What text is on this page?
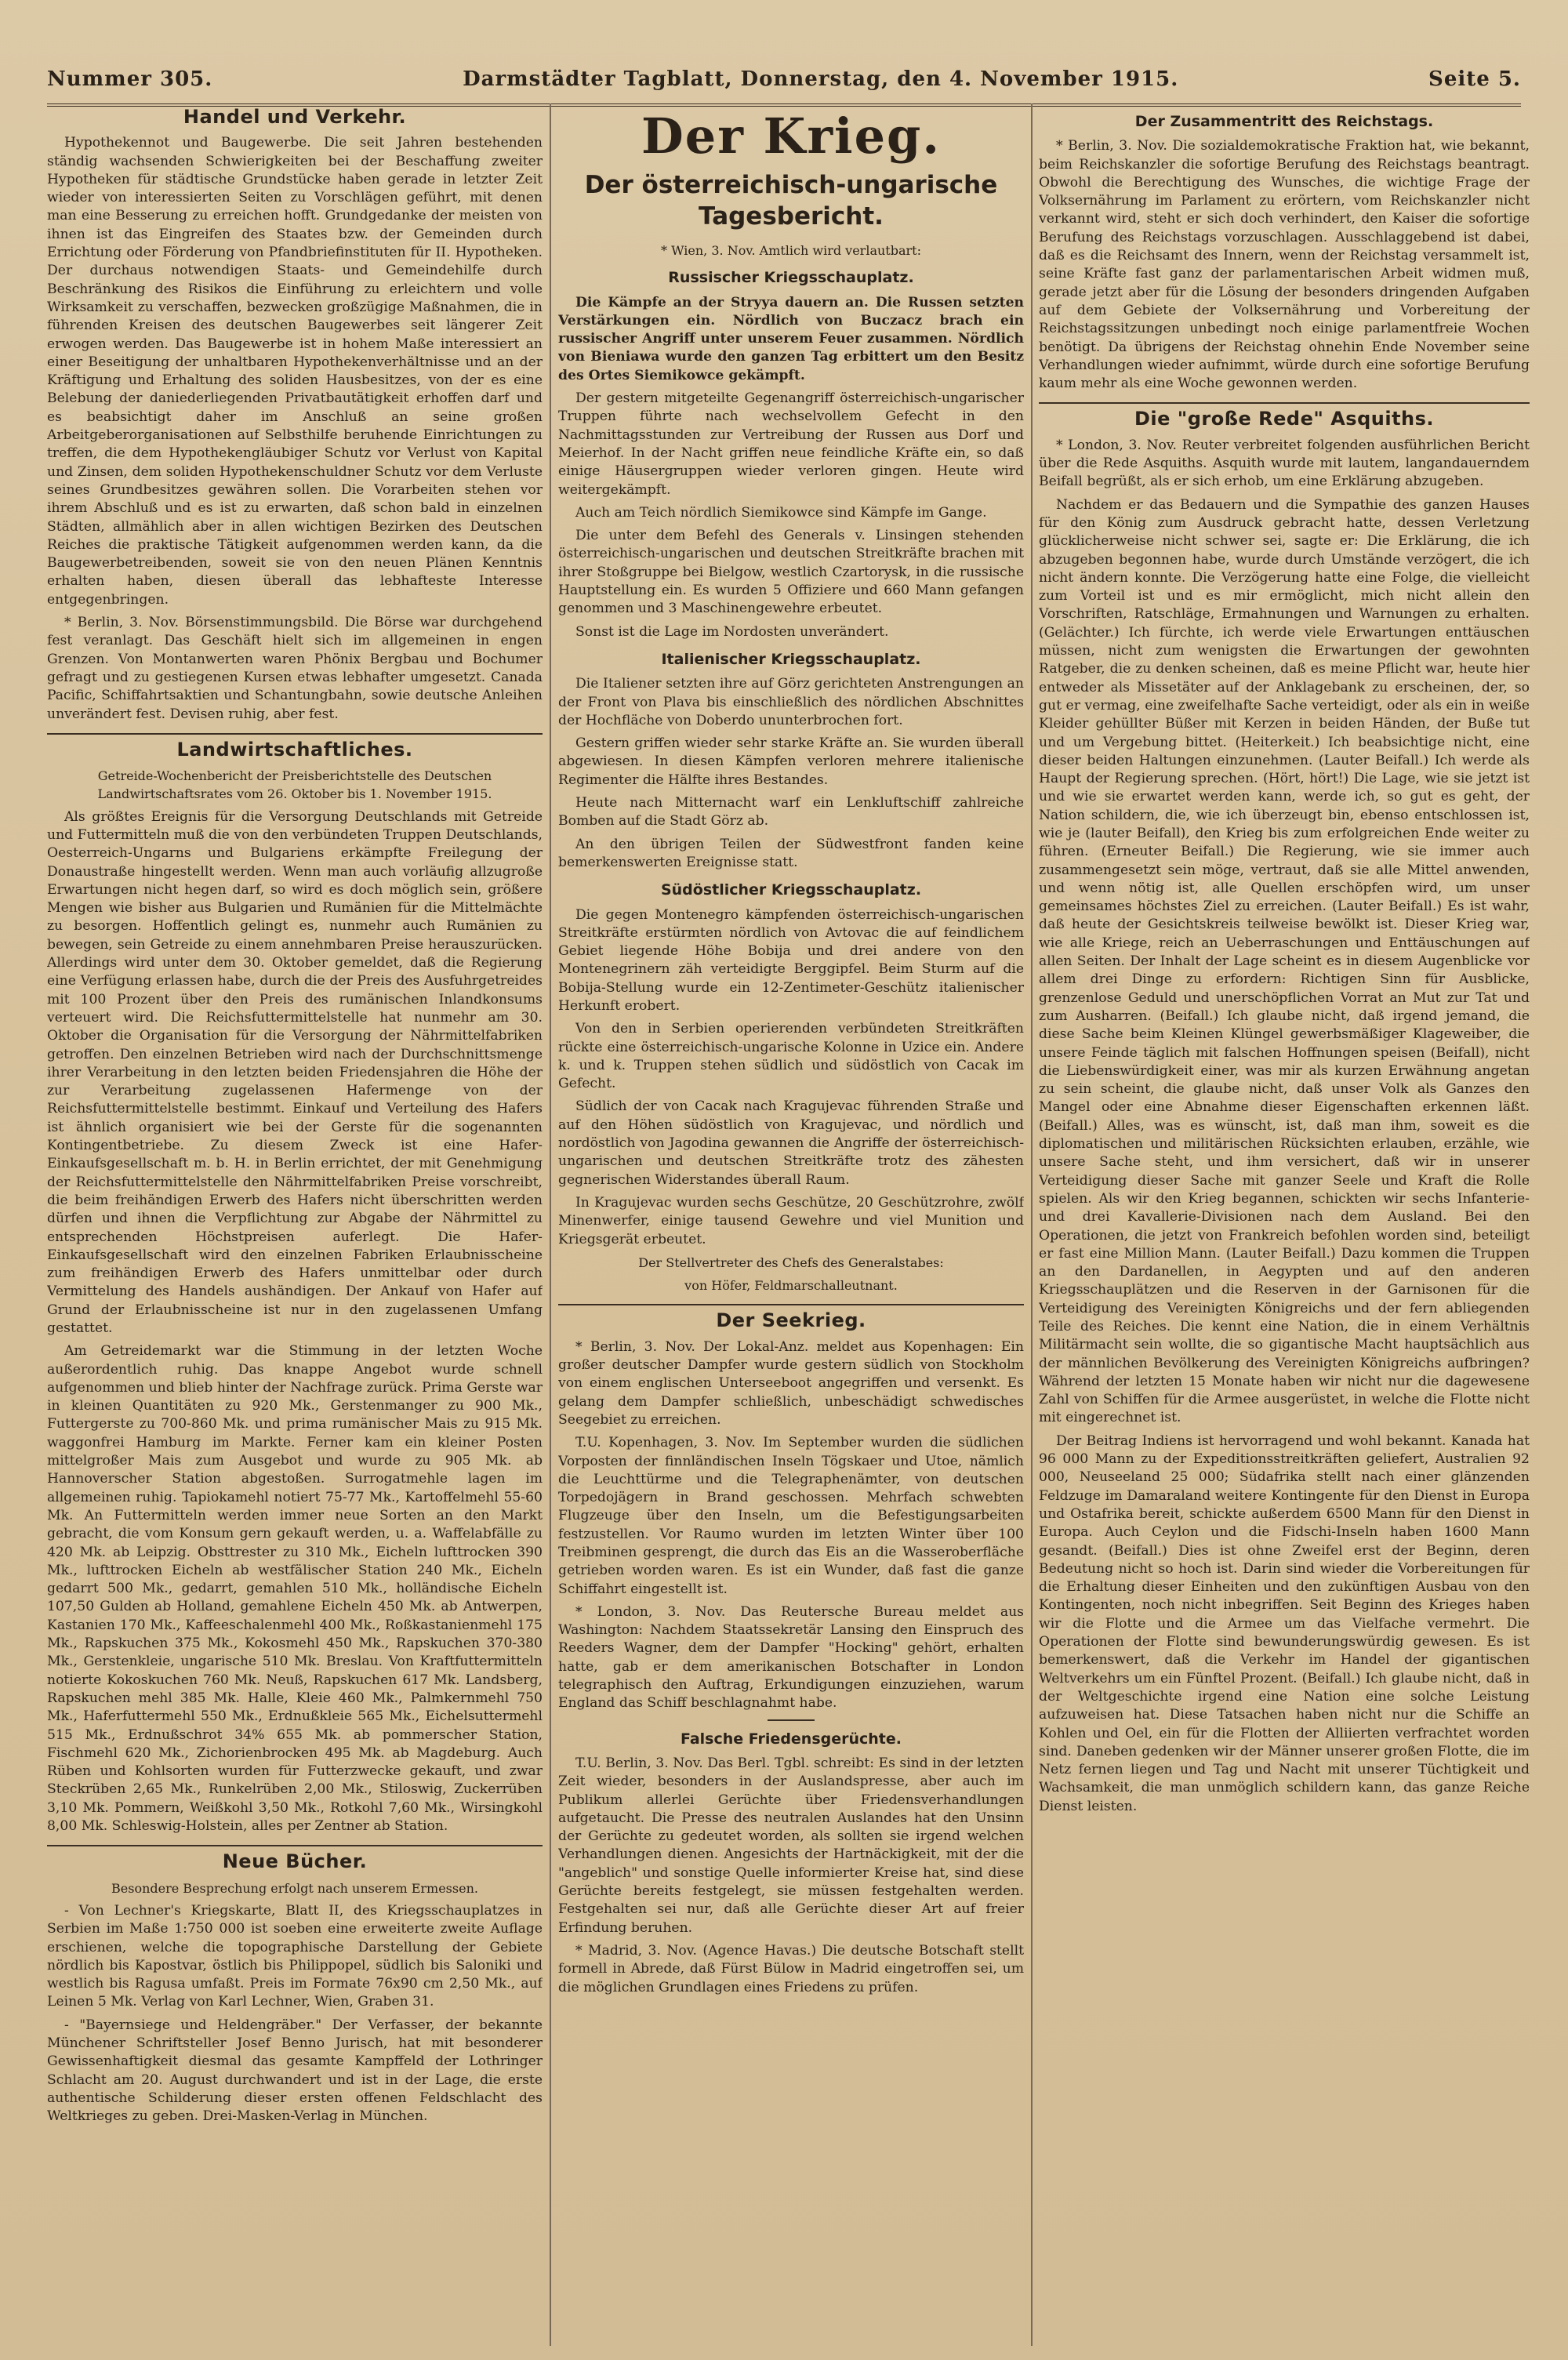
Nummer 305.	Darmstädter Tagblatt, Donnerstag, den 4. November 1915.	Seite 5.
Handel und Verkehr.

Hypothekennot und Baugewerbe. Die seit Jahren bestehenden ständig wachsenden Schwierigkeiten bei der Beschaffung zweiter Hypotheken für städtische Grundstücke haben gerade in letzter Zeit wieder von interessierten Seiten zu Vorschlägen geführt, mit denen man eine Besserung zu erreichen hofft. Grundgedanke der meisten von ihnen ist das Eingreifen des Staates bzw. der Gemeinden durch Errichtung oder Förderung von Pfandbriefinstituten für II. Hypotheken. Der durchaus notwendigen Staats- und Gemeindehilfe durch Beschränkung des Risikos die Einführung zu erleichtern und volle Wirksamkeit zu verschaffen, bezwecken großzügige Maßnahmen, die in führenden Kreisen des deutschen Baugewerbes seit längerer Zeit erwogen werden. Das Baugewerbe ist in hohem Maße interessiert an einer Beseitigung der unhaltbaren Hypothekenverhältnisse und an der Kräftigung und Erhaltung des soliden Hausbesitzes, von der es eine Belebung der daniederliegenden Privatbautätigkeit erhoffen darf und es beabsichtigt daher im Anschluß an seine großen Arbeitgeberorganisationen auf Selbsthilfe beruhende Einrichtungen zu treffen, die dem Hypothekengläubiger Schutz vor Verlust von Kapital und Zinsen, dem soliden Hypothekenschuldner Schutz vor dem Verluste seines Grundbesitzes gewähren sollen. Die Vorarbeiten stehen vor ihrem Abschluß und es ist zu erwarten, daß schon bald in einzelnen Städten, allmählich aber in allen wichtigen Bezirken des Deutschen Reiches die praktische Tätigkeit aufgenommen werden kann, da die Baugewerbetreibenden, soweit sie von den neuen Plänen Kenntnis erhalten haben, diesen überall das lebhafteste Interesse entgegenbringen.

* Berlin, 3. Nov. Börsenstimmungsbild. Die Börse war durchgehend fest veranlagt. Das Geschäft hielt sich im allgemeinen in engen Grenzen. Von Montanwerten waren Phönix Bergbau und Bochumer gefragt und zu gestiegenen Kursen etwas lebhafter umgesetzt. Canada Pacific, Schiffahrtsaktien und Schantungbahn, sowie deutsche Anleihen unverändert fest. Devisen ruhig, aber fest.

Landwirtschaftliches.

Getreide-Wochenbericht der Preisberichtstelle des Deutschen Landwirtschaftsrates vom 26. Oktober bis 1. November 1915.

Als größtes Ereignis für die Versorgung Deutschlands mit Getreide und Futtermitteln muß die von den verbündeten Truppen Deutschlands, Oesterreich-Ungarns und Bulgariens erkämpfte Freilegung der Donaustraße hingestellt werden. Wenn man auch vorläufig allzugroße Erwartungen nicht hegen darf, so wird es doch möglich sein, größere Mengen wie bisher aus Bulgarien und Rumänien für die Mittelmächte zu besorgen. Hoffentlich gelingt es, nunmehr auch Rumänien zu bewegen, sein Getreide zu einem annehmbaren Preise herauszurücken. Allerdings wird unter dem 30. Oktober gemeldet, daß die Regierung eine Verfügung erlassen habe, durch die der Preis des Ausfuhrgetreides mit 100 Prozent über den Preis des rumänischen Inlandkonsums verteuert wird. Die Reichsfuttermittelstelle hat nunmehr am 30. Oktober die Organisation für die Versorgung der Nährmittelfabriken getroffen. Den einzelnen Betrieben wird nach der Durchschnittsmenge ihrer Verarbeitung in den letzten beiden Friedensjahren die Höhe der zur Verarbeitung zugelassenen Hafermenge von der Reichsfuttermittelstelle bestimmt. Einkauf und Verteilung des Hafers ist ähnlich organisiert wie bei der Gerste für die sogenannten Kontingentbetriebe. Zu diesem Zweck ist eine Hafer-Einkaufsgesellschaft m. b. H. in Berlin errichtet, der mit Genehmigung der Reichsfuttermittelstelle den Nährmittelfabriken Preise vorschreibt, die beim freihändigen Erwerb des Hafers nicht überschritten werden dürfen und ihnen die Verpflichtung zur Abgabe der Nährmittel zu entsprechenden Höchstpreisen auferlegt. Die Hafer-Einkaufsgesellschaft wird den einzelnen Fabriken Erlaubnisscheine zum freihändigen Erwerb des Hafers unmittelbar oder durch Vermittelung des Handels aushändigen. Der Ankauf von Hafer auf Grund der Erlaubnisscheine ist nur in den zugelassenen Umfang gestattet.

Am Getreidemarkt war die Stimmung in der letzten Woche außerordentlich ruhig. Das knappe Angebot wurde schnell aufgenommen und blieb hinter der Nachfrage zurück. Prima Gerste war in kleinen Quantitäten zu 920 Mk., Gerstenmanger zu 900 Mk., Futtergerste zu 700-860 Mk. und prima rumänischer Mais zu 915 Mk. waggonfrei Hamburg im Markte. Ferner kam ein kleiner Posten mittelgroßer Mais zum Ausgebot und wurde zu 905 Mk. ab Hannoverscher Station abgestoßen. Surrogatmehle lagen im allgemeinen ruhig. Tapiokamehl notiert 75-77 Mk., Kartoffelmehl 55-60 Mk. An Futtermitteln werden immer neue Sorten an den Markt gebracht, die vom Konsum gern gekauft werden, u. a. Waffelabfälle zu 420 Mk. ab Leipzig. Obsttrester zu 310 Mk., Eicheln lufttrocken 390 Mk., lufttrocken Eicheln ab westfälischer Station 240 Mk., Eicheln gedarrt 500 Mk., gedarrt, gemahlen 510 Mk., holländische Eicheln 107,50 Gulden ab Holland, gemahlene Eicheln 450 Mk. ab Antwerpen, Kastanien 170 Mk., Kaffeeschalenmehl 400 Mk., Roßkastanienmehl 175 Mk., Rapskuchen 375 Mk., Kokosmehl 450 Mk., Rapskuchen 370-380 Mk., Gerstenkleie, ungarische 510 Mk. Breslau. Von Kraftfuttermitteln notierte Kokoskuchen 760 Mk. Neuß, Rapskuchen 617 Mk. Landsberg, Rapskuchen mehl 385 Mk. Halle, Kleie 460 Mk., Palmkernmehl 750 Mk., Haferfuttermehl 550 Mk., Erdnußkleie 565 Mk., Eichelsuttermehl 515 Mk., Erdnußschrot 34% 655 Mk. ab pommerscher Station, Fischmehl 620 Mk., Zichorienbrocken 495 Mk. ab Magdeburg. Auch Rüben und Kohlsorten wurden für Futterzwecke gekauft, und zwar Steckrüben 2,65 Mk., Runkelrüben 2,00 Mk., Stiloswig, Zuckerrüben 3,10 Mk. Pommern, Weißkohl 3,50 Mk., Rotkohl 7,60 Mk., Wirsingkohl 8,00 Mk. Schleswig-Holstein, alles per Zentner ab Station.

Neue Bücher.

Besondere Besprechung erfolgt nach unserem Ermessen.

- Von Lechner's Kriegskarte, Blatt II, des Kriegsschauplatzes in Serbien im Maße 1:750 000 ist soeben eine erweiterte zweite Auflage erschienen, welche die topographische Darstellung der Gebiete nördlich bis Kapostvar, östlich bis Philippopel, südlich bis Saloniki und westlich bis Ragusa umfaßt. Preis im Formate 76x90 cm 2,50 Mk., auf Leinen 5 Mk. Verlag von Karl Lechner, Wien, Graben 31.

- "Bayernsiege und Heldengräber." Der Verfasser, der bekannte Münchener Schriftsteller Josef Benno Jurisch, hat mit besonderer Gewissenhaftigkeit diesmal das gesamte Kampffeld der Lothringer Schlacht am 20. August durchwandert und ist in der Lage, die erste authentische Schilderung dieser ersten offenen Feldschlacht des Weltkrieges zu geben. Drei-Masken-Verlag in München.

Der Krieg.
Der österreichisch-ungarische Tagesbericht.

* Wien, 3. Nov. Amtlich wird verlautbart:

Russischer Kriegsschauplatz.

Die Kämpfe an der Stryya dauern an. Die Russen setzten Verstärkungen ein. Nördlich von Buczacz brach ein russischer Angriff unter unserem Feuer zusammen. Nördlich von Bieniawa wurde den ganzen Tag erbittert um den Besitz des Ortes Siemikowce gekämpft.

Der gestern mitgeteilte Gegenangriff österreichisch-ungarischer Truppen führte nach wechselvollem Gefecht in den Nachmittagsstunden zur Vertreibung der Russen aus Dorf und Meierhof. In der Nacht griffen neue feindliche Kräfte ein, so daß einige Häusergruppen wieder verloren gingen. Heute wird weitergekämpft.

Auch am Teich nördlich Siemikowce sind Kämpfe im Gange.

Die unter dem Befehl des Generals v. Linsingen stehenden österreichisch-ungarischen und deutschen Streitkräfte brachen mit ihrer Stoßgruppe bei Bielgow, westlich Czartorysk, in die russische Hauptstellung ein. Es wurden 5 Offiziere und 660 Mann gefangen genommen und 3 Maschinengewehre erbeutet.

Sonst ist die Lage im Nordosten unverändert.

Italienischer Kriegsschauplatz.

Die Italiener setzten ihre auf Görz gerichteten Anstrengungen an der Front von Plava bis einschließlich des nördlichen Abschnittes der Hochfläche von Doberdo ununterbrochen fort.

Gestern griffen wieder sehr starke Kräfte an. Sie wurden überall abgewiesen. In diesen Kämpfen verloren mehrere italienische Regimenter die Hälfte ihres Bestandes.

Heute nach Mitternacht warf ein Lenkluftschiff zahlreiche Bomben auf die Stadt Görz ab.

An den übrigen Teilen der Südwestfront fanden keine bemerkenswerten Ereignisse statt.

Südöstlicher Kriegsschauplatz.

Die gegen Montenegro kämpfenden österreichisch-ungarischen Streitkräfte erstürmten nördlich von Avtovac die auf feindlichem Gebiet liegende Höhe Bobija und drei andere von den Montenegrinern zäh verteidigte Berggipfel. Beim Sturm auf die Bobija-Stellung wurde ein 12-Zentimeter-Geschütz italienischer Herkunft erobert.

Von den in Serbien operierenden verbündeten Streitkräften rückte eine österreichisch-ungarische Kolonne in Uzice ein. Andere k. und k. Truppen stehen südlich und südöstlich von Cacak im Gefecht.

Südlich der von Cacak nach Kragujevac führenden Straße und auf den Höhen südöstlich von Kragujevac, und nördlich und nordöstlich von Jagodina gewannen die Angriffe der österreichisch-ungarischen und deutschen Streitkräfte trotz des zähesten gegnerischen Widerstandes überall Raum.

In Kragujevac wurden sechs Geschütze, 20 Geschützrohre, zwölf Minenwerfer, einige tausend Gewehre und viel Munition und Kriegsgerät erbeutet.

Der Stellvertreter des Chefs des Generalstabes:

von Höfer, Feldmarschalleutnant.

Der Seekrieg.

* Berlin, 3. Nov. Der Lokal-Anz. meldet aus Kopenhagen: Ein großer deutscher Dampfer wurde gestern südlich von Stockholm von einem englischen Unterseeboot angegriffen und versenkt. Es gelang dem Dampfer schließlich, unbeschädigt schwedisches Seegebiet zu erreichen.

T.U. Kopenhagen, 3. Nov. Im September wurden die südlichen Vorposten der finnländischen Inseln Tögskaer und Utoe, nämlich die Leuchttürme und die Telegraphenämter, von deutschen Torpedojägern in Brand geschossen. Mehrfach schwebten Flugzeuge über den Inseln, um die Befestigungsarbeiten festzustellen. Vor Raumo wurden im letzten Winter über 100 Treibminen gesprengt, die durch das Eis an die Wasseroberfläche getrieben worden waren. Es ist ein Wunder, daß fast die ganze Schiffahrt eingestellt ist.

* London, 3. Nov. Das Reutersche Bureau meldet aus Washington: Nachdem Staatssekretär Lansing den Einspruch des Reeders Wagner, dem der Dampfer "Hocking" gehört, erhalten hatte, gab er dem amerikanischen Botschafter in London telegraphisch den Auftrag, Erkundigungen einzuziehen, warum England das Schiff beschlagnahmt habe.

Falsche Friedensgerüchte.

T.U. Berlin, 3. Nov. Das Berl. Tgbl. schreibt: Es sind in der letzten Zeit wieder, besonders in der Auslandspresse, aber auch im Publikum allerlei Gerüchte über Friedensverhandlungen aufgetaucht. Die Presse des neutralen Auslandes hat den Unsinn der Gerüchte zu gedeutet worden, als sollten sie irgend welchen Verhandlungen dienen. Angesichts der Hartnäckigkeit, mit der die "angeblich" und sonstige Quelle informierter Kreise hat, sind diese Gerüchte bereits festgelegt, sie müssen festgehalten werden. Festgehalten sei nur, daß alle Gerüchte dieser Art auf freier Erfindung beruhen.

* Madrid, 3. Nov. (Agence Havas.) Die deutsche Botschaft stellt formell in Abrede, daß Fürst Bülow in Madrid eingetroffen sei, um die möglichen Grundlagen eines Friedens zu prüfen.

Der Zusammentritt des Reichstags.

* Berlin, 3. Nov. Die sozialdemokratische Fraktion hat, wie bekannt, beim Reichskanzler die sofortige Berufung des Reichstags beantragt. Obwohl die Berechtigung des Wunsches, die wichtige Frage der Volksernährung im Parlament zu erörtern, vom Reichskanzler nicht verkannt wird, steht er sich doch verhindert, den Kaiser die sofortige Berufung des Reichstags vorzuschlagen. Ausschlaggebend ist dabei, daß es die Reichsamt des Innern, wenn der Reichstag versammelt ist, seine Kräfte fast ganz der parlamentarischen Arbeit widmen muß, gerade jetzt aber für die Lösung der besonders dringenden Aufgaben auf dem Gebiete der Volksernährung und Vorbereitung der Reichstagssitzungen unbedingt noch einige parlamentfreie Wochen benötigt. Da übrigens der Reichstag ohnehin Ende November seine Verhandlungen wieder aufnimmt, würde durch eine sofortige Berufung kaum mehr als eine Woche gewonnen werden.

Die "große Rede" Asquiths.

* London, 3. Nov. Reuter verbreitet folgenden ausführlichen Bericht über die Rede Asquiths. Asquith wurde mit lautem, langandauerndem Beifall begrüßt, als er sich erhob, um eine Erklärung abzugeben.

Nachdem er das Bedauern und die Sympathie des ganzen Hauses für den König zum Ausdruck gebracht hatte, dessen Verletzung glücklicherweise nicht schwer sei, sagte er: Die Erklärung, die ich abzugeben begonnen habe, wurde durch Umstände verzögert, die ich nicht ändern konnte. Die Verzögerung hatte eine Folge, die vielleicht zum Vorteil ist und es mir ermöglicht, mich nicht allein den Vorschriften, Ratschläge, Ermahnungen und Warnungen zu erhalten. (Gelächter.) Ich fürchte, ich werde viele Erwartungen enttäuschen müssen, nicht zum wenigsten die Erwartungen der gewohnten Ratgeber, die zu denken scheinen, daß es meine Pflicht war, heute hier entweder als Missetäter auf der Anklagebank zu erscheinen, der, so gut er vermag, eine zweifelhafte Sache verteidigt, oder als ein in weiße Kleider gehüllter Büßer mit Kerzen in beiden Händen, der Buße tut und um Vergebung bittet. (Heiterkeit.) Ich beabsichtige nicht, eine dieser beiden Haltungen einzunehmen. (Lauter Beifall.) Ich werde als Haupt der Regierung sprechen. (Hört, hört!) Die Lage, wie sie jetzt ist und wie sie erwartet werden kann, werde ich, so gut es geht, der Nation schildern, die, wie ich überzeugt bin, ebenso entschlossen ist, wie je (lauter Beifall), den Krieg bis zum erfolgreichen Ende weiter zu führen. (Erneuter Beifall.) Die Regierung, wie sie immer auch zusammengesetzt sein möge, vertraut, daß sie alle Mittel anwenden, und wenn nötig ist, alle Quellen erschöpfen wird, um unser gemeinsames höchstes Ziel zu erreichen. (Lauter Beifall.) Es ist wahr, daß heute der Gesichtskreis teilweise bewölkt ist. Dieser Krieg war, wie alle Kriege, reich an Ueberraschungen und Enttäuschungen auf allen Seiten. Der Inhalt der Lage scheint es in diesem Augenblicke vor allem drei Dinge zu erfordern: Richtigen Sinn für Ausblicke, grenzenlose Geduld und unerschöpflichen Vorrat an Mut zur Tat und zum Ausharren. (Beifall.) Ich glaube nicht, daß irgend jemand, die diese Sache beim Kleinen Klüngel gewerbsmäßiger Klageweiber, die unsere Feinde täglich mit falschen Hoffnungen speisen (Beifall), nicht die Liebenswürdigkeit einer, was mir als kurzen Erwähnung angetan zu sein scheint, die glaube nicht, daß unser Volk als Ganzes den Mangel oder eine Abnahme dieser Eigenschaften erkennen läßt. (Beifall.) Alles, was es wünscht, ist, daß man ihm, soweit es die diplomatischen und militärischen Rücksichten erlauben, erzähle, wie unsere Sache steht, und ihm versichert, daß wir in unserer Verteidigung dieser Sache mit ganzer Seele und Kraft die Rolle spielen. Als wir den Krieg begannen, schickten wir sechs Infanterie- und drei Kavallerie-Divisionen nach dem Ausland. Bei den Operationen, die jetzt von Frankreich befohlen worden sind, beteiligt er fast eine Million Mann. (Lauter Beifall.) Dazu kommen die Truppen an den Dardanellen, in Aegypten und auf den anderen Kriegsschauplätzen und die Reserven in der Garnisonen für die Verteidigung des Vereinigten Königreichs und der fern abliegenden Teile des Reiches. Die kennt eine Nation, die in einem Verhältnis Militärmacht sein wollte, die so gigantische Macht hauptsächlich aus der männlichen Bevölkerung des Vereinigten Königreichs aufbringen? Während der letzten 15 Monate haben wir nicht nur die dagewesene Zahl von Schiffen für die Armee ausgerüstet, in welche die Flotte nicht mit eingerechnet ist.

Der Beitrag Indiens ist hervorragend und wohl bekannt. Kanada hat 96 000 Mann zu der Expeditionsstreitkräften geliefert, Australien 92 000, Neuseeland 25 000; Südafrika stellt nach einer glänzenden Feldzuge im Damaraland weitere Kontingente für den Dienst in Europa und Ostafrika bereit, schickte außerdem 6500 Mann für den Dienst in Europa. Auch Ceylon und die Fidschi-Inseln haben 1600 Mann gesandt. (Beifall.) Dies ist ohne Zweifel erst der Beginn, deren Bedeutung nicht so hoch ist. Darin sind wieder die Vorbereitungen für die Erhaltung dieser Einheiten und den zukünftigen Ausbau von den Kontingenten, noch nicht inbegriffen. Seit Beginn des Krieges haben wir die Flotte und die Armee um das Vielfache vermehrt. Die Operationen der Flotte sind bewunderungswürdig gewesen. Es ist bemerkenswert, daß die Verkehr im Handel der gigantischen Weltverkehrs um ein Fünftel Prozent. (Beifall.) Ich glaube nicht, daß in der Weltgeschichte irgend eine Nation eine solche Leistung aufzuweisen hat. Diese Tatsachen haben nicht nur die Schiffe an Kohlen und Oel, ein für die Flotten der Alliierten verfrachtet worden sind. Daneben gedenken wir der Männer unserer großen Flotte, die im Netz fernen liegen und Tag und Nacht mit unserer Tüchtigkeit und Wachsamkeit, die man unmöglich schildern kann, das ganze Reiche Dienst leisten.
